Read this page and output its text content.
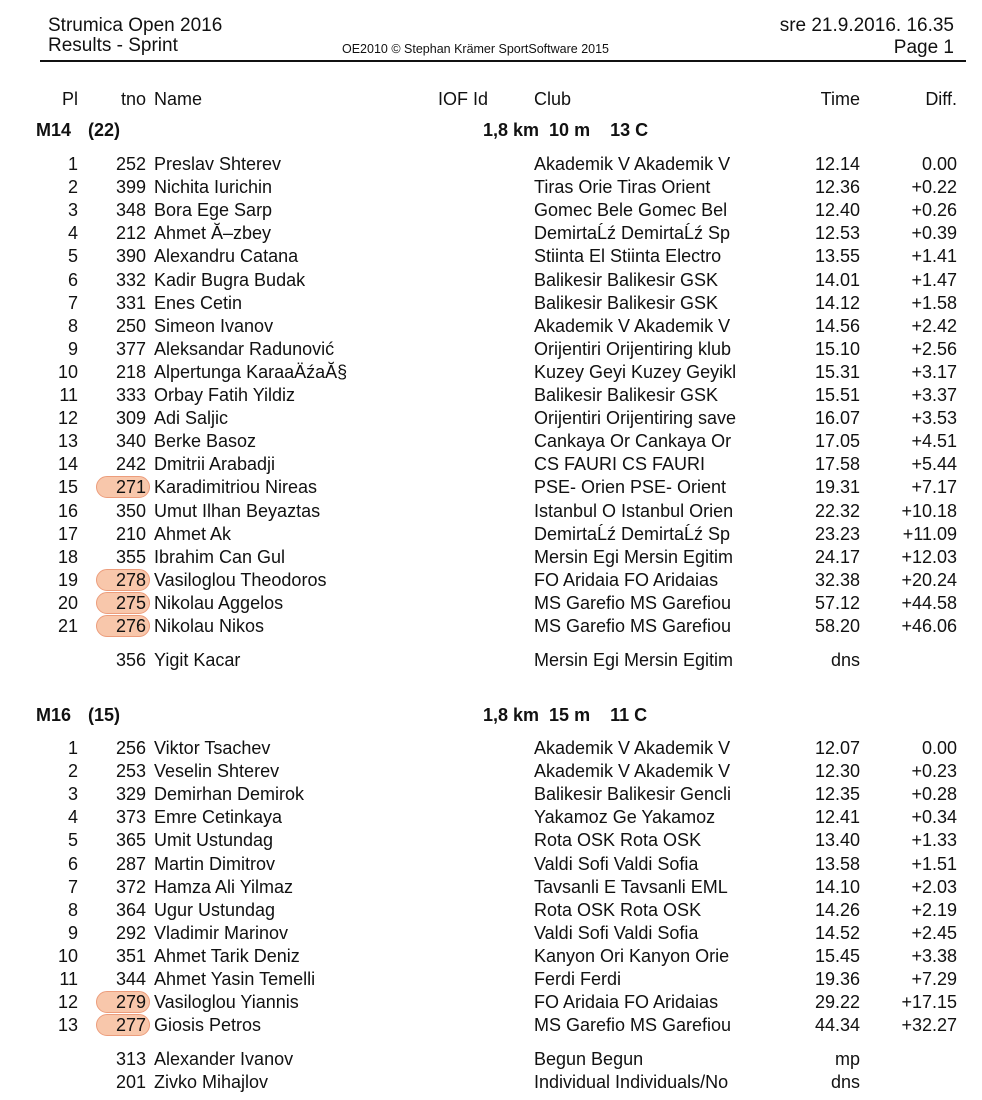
Strumica Open 2016
Results - Sprint	OE2010 © Stephan Krämer SportSoftware 2015
sre 21.9.2016. 16.35
Page 1
Pl	tno Name	IOF Id	Club	Time	Diff.
M14 (22)	1,8 km  10 m    13 C
1	252 Preslav Shterev	Akademik V Akademik V	12.14	0.00
2	399 Nichita Iurichin	Tiras Orie Tiras Orient	12.36	+0.22
3	348 Bora Ege Sarp	Gomec Bele Gomec Bel	12.40	+0.26
4	212 Ahmet Ă–zbey	DemirtaĹź DemirtaĹź Sp	12.53	+0.39
5	390 Alexandru Catana	Stiinta El Stiinta Electro	13.55	+1.41
6	332 Kadir Bugra Budak	Balikesir Balikesir GSK	14.01	+1.47
7	331 Enes Cetin	Balikesir Balikesir GSK	14.12	+1.58
8	250 Simeon Ivanov	Akademik V Akademik V	14.56	+2.42
9	377 Aleksandar Radunović	Orijentiri Orijentiring klub	15.10	+2.56
10	218 Alpertunga KaraaÄźaĂ§	Kuzey Geyi Kuzey Geyikl	15.31	+3.17
11	333 Orbay Fatih Yildiz	Balikesir Balikesir GSK	15.51	+3.37
12	309 Adi Saljic	Orijentiri Orijentiring save	16.07	+3.53
13	340 Berke Basoz	Cankaya Or Cankaya Or	17.05	+4.51
14	242 Dmitrii Arabadji	CS FAURI CS FAURI	17.58	+5.44
15	271 Karadimitriou Nireas	PSE- Orien PSE- Orient	19.31	+7.17
16	350 Umut Ilhan Beyaztas	Istanbul O Istanbul Orien	22.32	+10.18
17	210 Ahmet Ak	DemirtaĹź DemirtaĹź Sp	23.23	+11.09
18	355 Ibrahim Can Gul	Mersin Egi Mersin Egitim	24.17	+12.03
19	278 Vasiloglou Theodoros	FO Aridaia FO Aridaias	32.38	+20.24
20	275 Nikolau Aggelos	MS Garefio MS Garefiou	57.12	+44.58
21	276 Nikolau Nikos	MS Garefio MS Garefiou	58.20	+46.06
356 Yigit Kacar	Mersin Egi Mersin Egitim	dns
M16 (15)	1,8 km  15 m    11 C
1	256 Viktor Tsachev	Akademik V Akademik V	12.07	0.00
2	253 Veselin Shterev	Akademik V Akademik V	12.30	+0.23
3	329 Demirhan Demirok	Balikesir Balikesir Gencli	12.35	+0.28
4	373 Emre Cetinkaya	Yakamoz Ge Yakamoz	12.41	+0.34
5	365 Umit Ustundag	Rota OSK Rota OSK	13.40	+1.33
6	287 Martin Dimitrov	Valdi Sofi Valdi Sofia	13.58	+1.51
7	372 Hamza Ali Yilmaz	Tavsanli E Tavsanli EML	14.10	+2.03
8	364 Ugur Ustundag	Rota OSK Rota OSK	14.26	+2.19
9	292 Vladimir Marinov	Valdi Sofi Valdi Sofia	14.52	+2.45
10	351 Ahmet Tarik Deniz	Kanyon Ori Kanyon Orie	15.45	+3.38
11	344 Ahmet Yasin Temelli	Ferdi Ferdi	19.36	+7.29
12	279 Vasiloglou Yiannis	FO Aridaia FO Aridaias	29.22	+17.15
13	277 Giosis Petros	MS Garefio MS Garefiou	44.34	+32.27
313 Alexander Ivanov	Begun Begun	mp
201 Zivko Mihajlov	Individual Individuals/No	dns
